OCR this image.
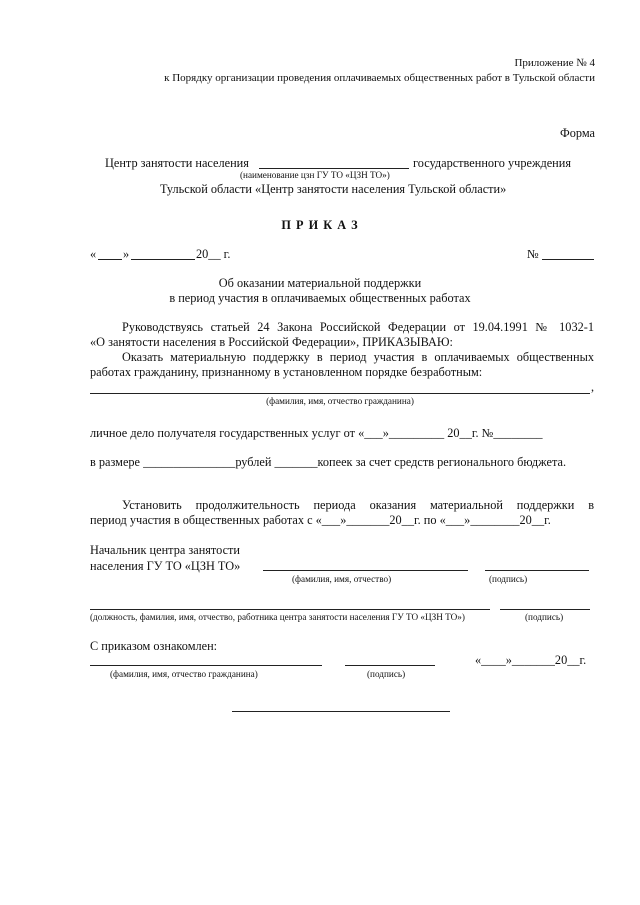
Приложение № 4
к Порядку организации проведения оплачиваемых общественных работ в Тульской области
Форма
Центр занятости населения	государственного учреждения
(наименование цзн ГУ ТО «ЦЗН ТО»)
Тульской области «Центр занятости населения Тульской области»
П Р И К А З
« »	20__ г.	№
Об оказании материальной поддержки
в период участия в оплачиваемых общественных работах
Руководствуясь статьей 24 Закона Российской Федерации от 19.04.1991 № 1032-1
«О занятости населения в Российской Федерации», ПРИКАЗЫВАЮ:
Оказать материальную поддержку в период участия в оплачиваемых общественных
работах гражданину, признанному в установленном порядке безработным:
,
(фамилия, имя, отчество гражданина)
личное дело получателя государственных услуг от «___»_________ 20__г. №________
в размере _______________рублей _______копеек за счет средств регионального бюджета.
Установить продолжительность периода оказания материальной поддержки в
период участия в общественных работах с «___»_______20__г. по «___»________20__г.
Начальник центра занятости
населения ГУ ТО «ЦЗН ТО»
(фамилия, имя, отчество)	(подпись)
(должность, фамилия, имя, отчество, работника центра занятости населения ГУ ТО «ЦЗН ТО»)	(подпись)
С приказом ознакомлен:
«____»_______20__г.
(фамилия, имя, отчество гражданина)	(подпись)
